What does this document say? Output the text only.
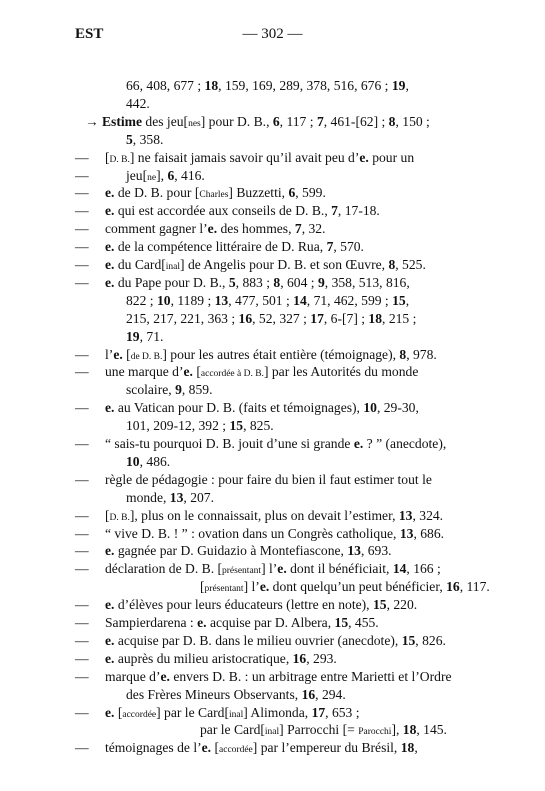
EST	— 302 —
66, 408, 677 ; 18, 159, 169, 289, 378, 516, 676 ; 19,
442.
→ Estime des jeu[nes] pour D. B., 6, 117 ; 7, 461-[62] ; 8, 150 ;
5, 358.
[D. B.] ne faisait jamais savoir qu’il avait peu d’e. pour un
jeu[ne], 6, 416.
e. de D. B. pour [Charles] Buzzetti, 6, 599.
e. qui est accordée aux conseils de D. B., 7, 17-18.
comment gagner l’e. des hommes, 7, 32.
e. de la compétence littéraire de D. Rua, 7, 570.
e. du Card[inal] de Angelis pour D. B. et son Œuvre, 8, 525.
e. du Pape pour D. B., 5, 883 ; 8, 604 ; 9, 358, 513, 816,
822 ; 10, 1189 ; 13, 477, 501 ; 14, 71, 462, 599 ; 15,
215, 217, 221, 363 ; 16, 52, 327 ; 17, 6-[7] ; 18, 215 ;
19, 71.
l’e. [de D. B.] pour les autres était entière (témoignage), 8, 978.
une marque d’e. [accordée à D. B.] par les Autorités du monde
scolaire, 9, 859.
e. au Vatican pour D. B. (faits et témoignages), 10, 29-30,
101, 209-12, 392 ; 15, 825.
“ sais-tu pourquoi D. B. jouit d’une si grande e. ? ” (anecdote),
10, 486.
règle de pédagogie : pour faire du bien il faut estimer tout le
monde, 13, 207.
[D. B.], plus on le connaissait, plus on devait l’estimer, 13, 324.
“ vive D. B. ! ” : ovation dans un Congrès catholique, 13, 686.
e. gagnée par D. Guidazio à Montefiascone, 13, 693.
déclaration de D. B. [présentant] l’e. dont il bénéficiait, 14, 166 ;
[présentant] l’e. dont quelqu’un peut bénéficier, 16, 117.
e. d’élèves pour leurs éducateurs (lettre en note), 15, 220.
Sampierdarena : e. acquise par D. Albera, 15, 455.
e. acquise par D. B. dans le milieu ouvrier (anecdote), 15, 826.
e. auprès du milieu aristocratique, 16, 293.
marque d’e. envers D. B. : un arbitrage entre Marietti et l’Ordre
des Frères Mineurs Observants, 16, 294.
e. [accordée] par le Card[inal] Alimonda, 17, 653 ;
par le Card[inal] Parrocchi [= Parocchi], 18, 145.
témoignages de l’e. [accordée] par l’empereur du Brésil, 18,
—
—
—
—
—
—
—
—
—
—
—
—
—
—
—
—
—
—
—
—
—
—
—
—
